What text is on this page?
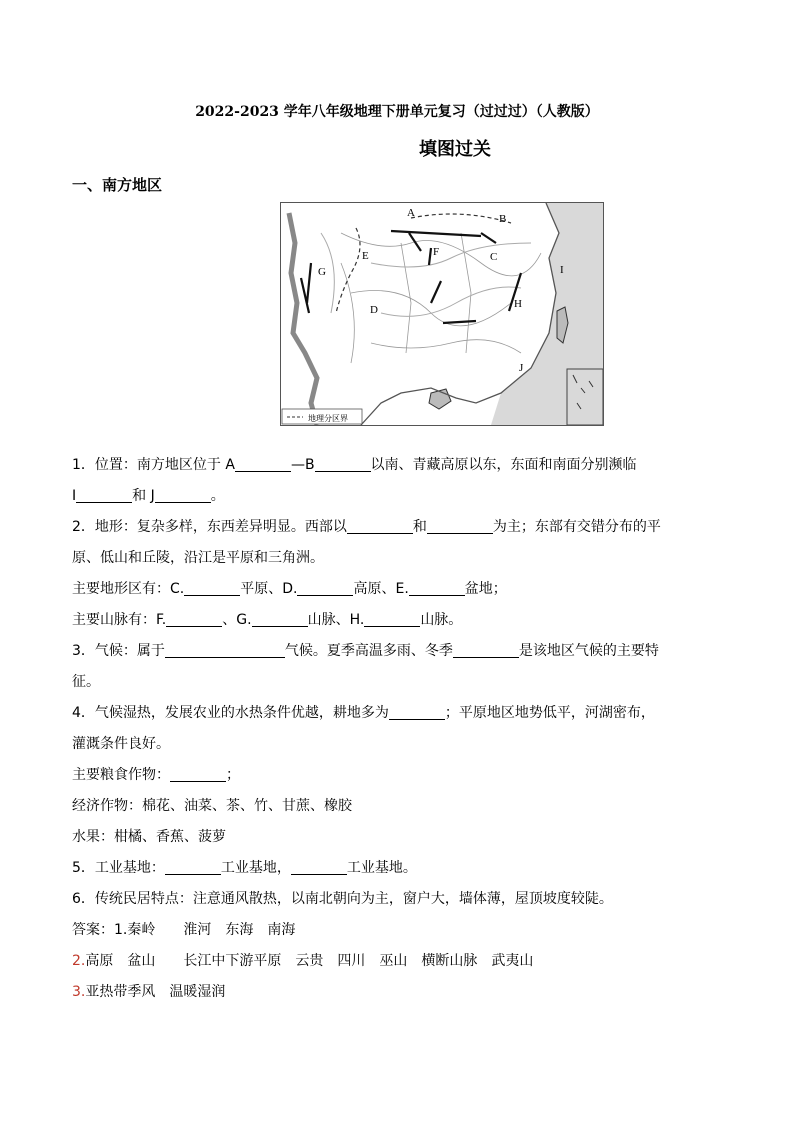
2022-2023 学年八年级地理下册单元复习（过过过）（人教版）
填图过关
一、南方地区
A	B
C
D
E	F
G
H
I
J
地理分区界
1．位置：南方地区位于 A	—B	以南、青藏高原以东，东面和南面分别濒临
I	和 J	。
2．地形：复杂多样，东西差异明显。西部以	和	为主；东部有交错分布的平
原、低山和丘陵，沿江是平原和三角洲。
主要地形区有：C.	平原、D.	高原、E.	盆地；
主要山脉有：F.	、G.	山脉、H.	山脉。
3．气候：属于	气候。夏季高温多雨、冬季	是该地区气候的主要特
征。
4．气候湿热，发展农业的水热条件优越，耕地多为	；平原地区地势低平，河湖密布，
灌溉条件良好。
主要粮食作物：	；
经济作物：棉花、油菜、茶、竹、甘蔗、橡胶
水果：柑橘、香蕉、菠萝
5．工业基地：	工业基地，	工业基地。
6．传统民居特点：注意通风散热，以南北朝向为主，窗户大，墙体薄，屋顶坡度较陡。
答案：1.秦岭 淮河 东海 南海
2.高原 盆山 长江中下游平原 云贵 四川 巫山 横断山脉 武夷山
3.亚热带季风 温暖湿润
